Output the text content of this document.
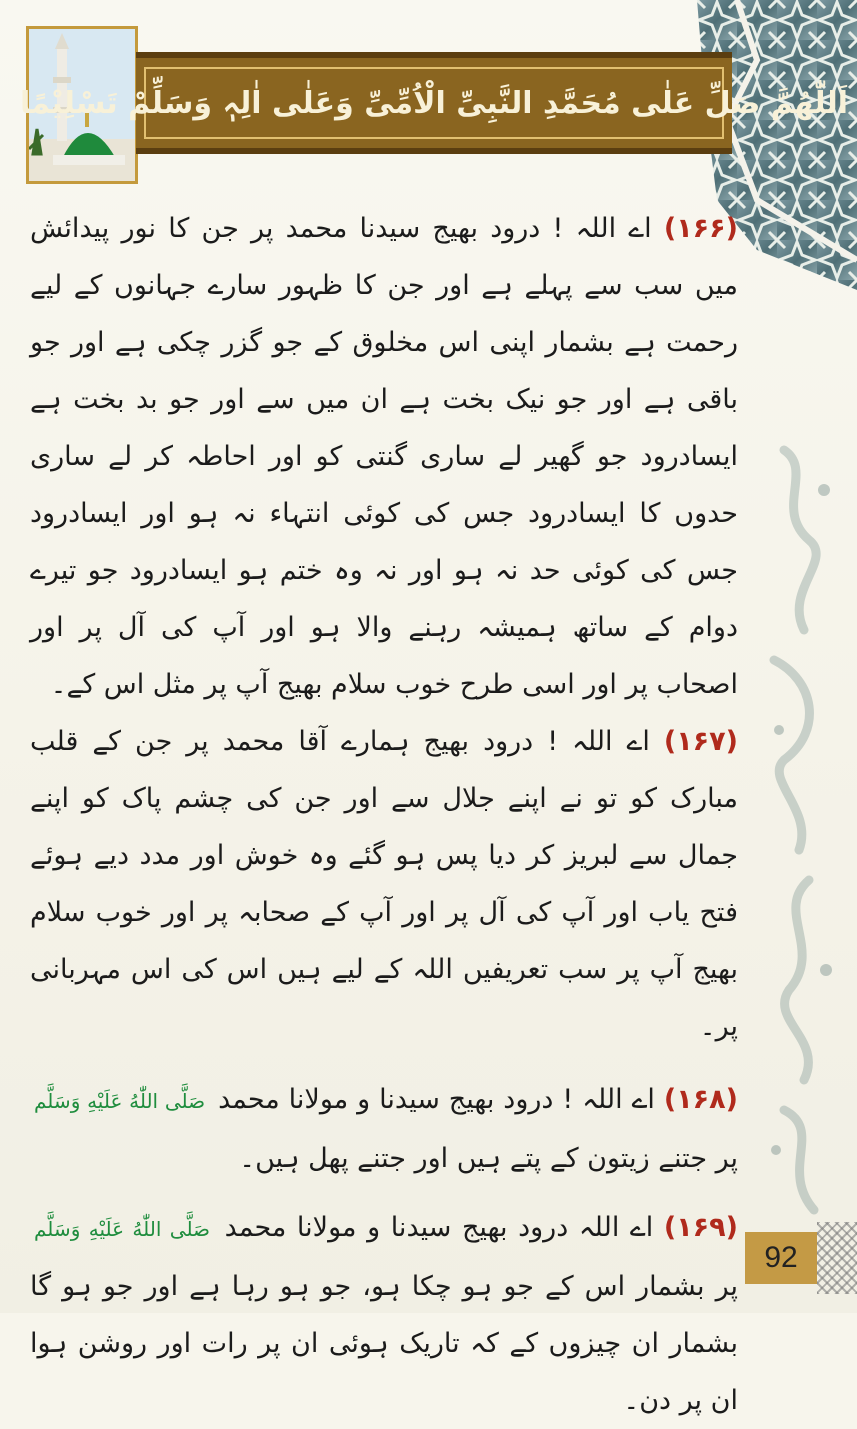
اَللّٰھُمَّ صَلِّ عَلٰی مُحَمَّدِ النَّبِیِّ الْاُمِّیِّ وَعَلٰی اٰلِہٖ وَسَلِّمْ تَسْلِیْمًا

(۱۶۶) اے اللہ ! درود بھیج سیدنا محمد پر جن کا نور پیدائش میں سب سے پہلے ہے اور جن کا ظہور سارے جہانوں کے لیے رحمت ہے بشمار اپنی اس مخلوق کے جو گزر چکی ہے اور جو باقی ہے اور جو نیک بخت ہے ان میں سے اور جو بد بخت ہے ایسادرود جو گھیر لے ساری گنتی کو اور احاطہ کر لے ساری حدوں کا ایسادرود جس کی کوئی انتہاء نہ ہو اور ایسادرود جس کی کوئی حد نہ ہو اور نہ وہ ختم ہو ایسادرود جو تیرے دوام کے ساتھ ہمیشہ رہنے والا ہو اور آپ کی آل پر اور اصحاب پر اور اسی طرح خوب سلام بھیج آپ پر مثل اس کے۔

(۱۶۷) اے اللہ ! درود بھیج ہمارے آقا محمد پر جن کے قلب مبارک کو تو نے اپنے جلال سے اور جن کی چشم پاک کو اپنے جمال سے لبریز کر دیا پس ہو گئے وہ خوش اور مدد دیے ہوئے فتح یاب اور آپ کی آل پر اور آپ کے صحابہ پر اور خوب سلام بھیج آپ پر سب تعریفیں اللہ کے لیے ہیں اس کی اس مہربانی پر۔

(۱۶۸) اے اللہ ! درود بھیج سیدنا و مولانا محمد صَلَّى اللّٰهُ عَلَيْهِ وَسَلَّم پر جتنے زیتون کے پتے ہیں اور جتنے پھل ہیں۔

(۱۶۹) اے اللہ درود بھیج سیدنا و مولانا محمد صَلَّى اللّٰهُ عَلَيْهِ وَسَلَّم پر بشمار اس کے جو ہو چکا ہو، جو ہو رہا ہے اور جو ہو گا بشمار ان چیزوں کے کہ تاریک ہوئی ان پر رات اور روشن ہوا ان پر دن۔

92
